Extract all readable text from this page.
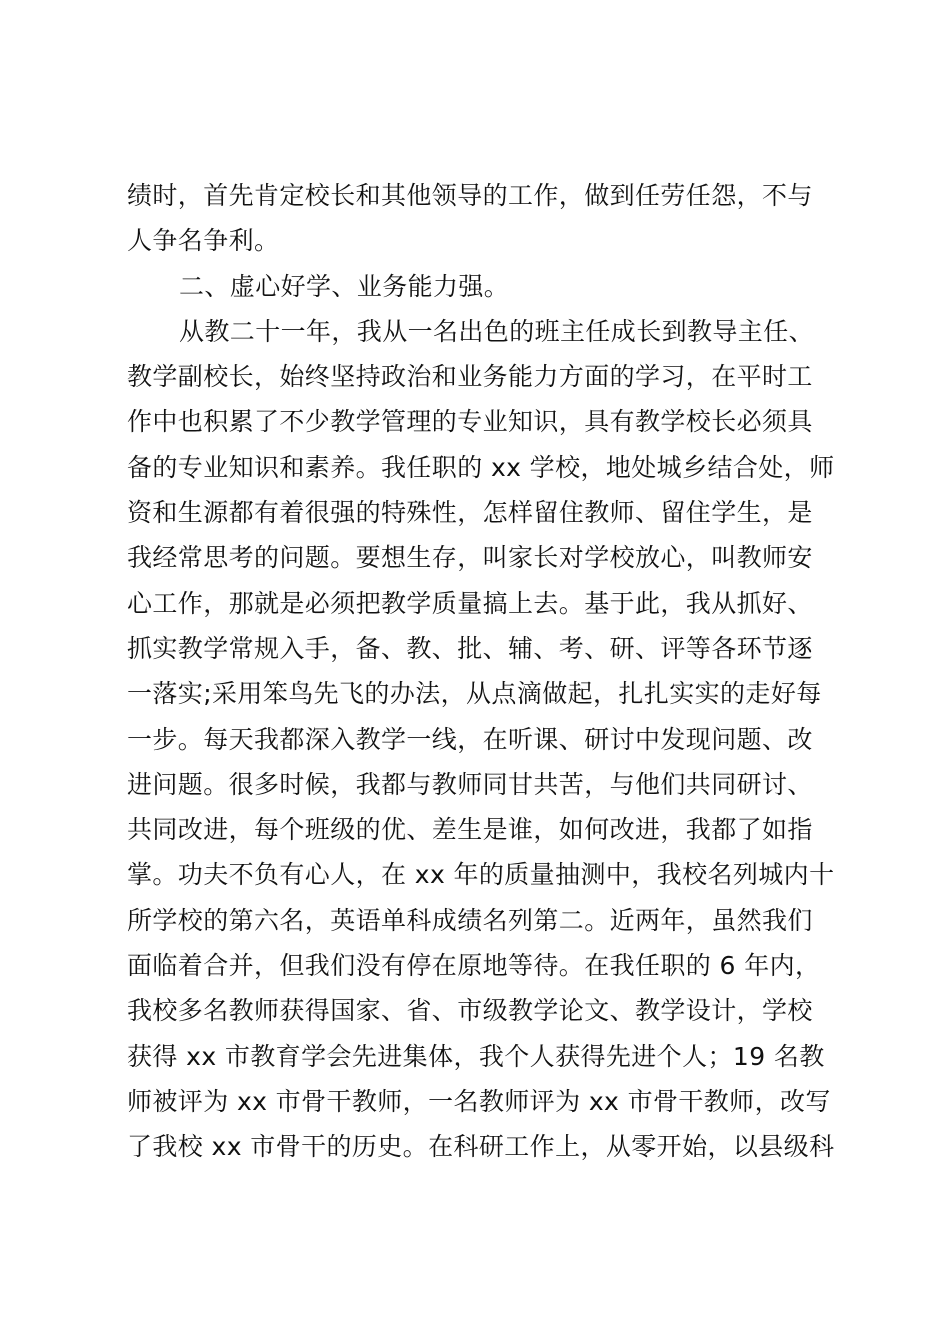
绩时，首先肯定校长和其他领导的工作，做到任劳任怨，不与
人争名争利。
二、虚心好学、业务能力强。
从教二十一年，我从一名出色的班主任成长到教导主任、
教学副校长，始终坚持政治和业务能力方面的学习，在平时工
作中也积累了不少教学管理的专业知识，具有教学校长必须具
备的专业知识和素养。我任职的 xx 学校，地处城乡结合处，师
资和生源都有着很强的特殊性，怎样留住教师、留住学生，是
我经常思考的问题。要想生存，叫家长对学校放心，叫教师安
心工作，那就是必须把教学质量搞上去。基于此，我从抓好、
抓实教学常规入手，备、教、批、辅、考、研、评等各环节逐
一落实;采用笨鸟先飞的办法，从点滴做起，扎扎实实的走好每
一步。每天我都深入教学一线，在听课、研讨中发现问题、改
进问题。很多时候，我都与教师同甘共苦，与他们共同研讨、
共同改进，每个班级的优、差生是谁，如何改进，我都了如指
掌。功夫不负有心人，在 xx 年的质量抽测中，我校名列城内十
所学校的第六名，英语单科成绩名列第二。近两年，虽然我们
面临着合并，但我们没有停在原地等待。在我任职的 6 年内，
我校多名教师获得国家、省、市级教学论文、教学设计，学校
获得 xx 市教育学会先进集体，我个人获得先进个人；19 名教
师被评为 xx 市骨干教师，一名教师评为 xx 市骨干教师，改写
了我校 xx 市骨干的历史。在科研工作上，从零开始，以县级科
